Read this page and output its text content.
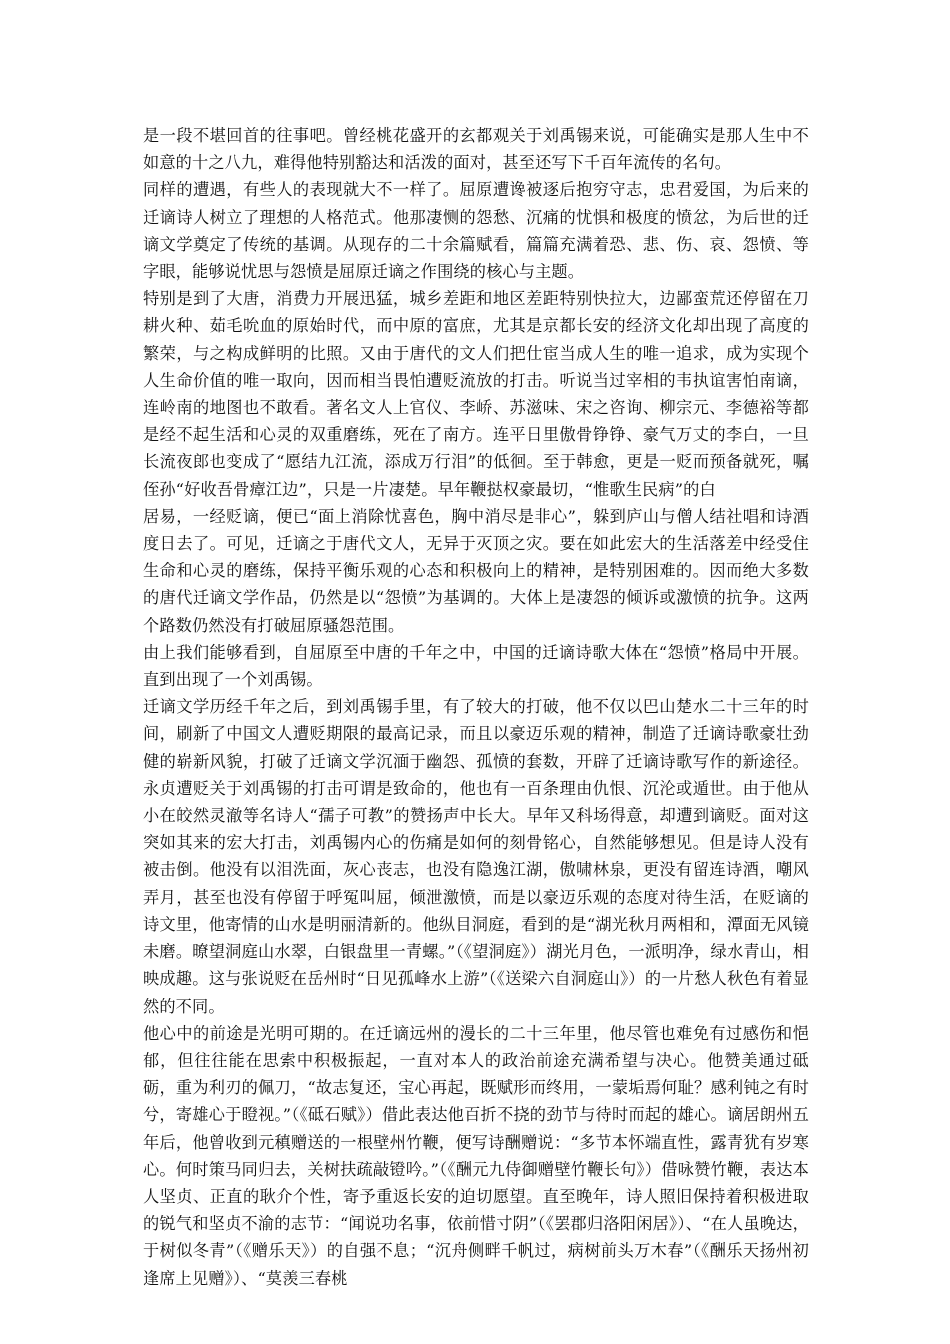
是一段不堪回首的往事吧。曾经桃花盛开的玄都观关于刘禹锡来说，可能确实是那人生中不如意的十之八九，难得他特别豁达和活泼的面对，甚至还写下千百年流传的名句。

同样的遭遇，有些人的表现就大不一样了。屈原遭谗被逐后抱穷守志，忠君爱国，为后来的迁谪诗人树立了理想的人格范式。他那凄恻的怨愁、沉痛的忧惧和极度的愤忿，为后世的迁谪文学奠定了传统的基调。从现存的二十余篇赋看，篇篇充满着恐、悲、伤、哀、怨愤、等字眼，能够说忧思与怨愤是屈原迁谪之作围绕的核心与主题。

特别是到了大唐，消费力开展迅猛，城乡差距和地区差距特别快拉大，边鄙蛮荒还停留在刀耕火种、茹毛吮血的原始时代，而中原的富庶，尤其是京都长安的经济文化却出现了高度的繁荣，与之构成鲜明的比照。又由于唐代的文人们把仕宦当成人生的唯一追求，成为实现个人生命价值的唯一取向，因而相当畏怕遭贬流放的打击。听说当过宰相的韦执谊害怕南谪，连岭南的地图也不敢看。著名文人上官仪、李峤、苏滋味、宋之咨询、柳宗元、李德裕等都是经不起生活和心灵的双重磨练，死在了南方。连平日里傲骨铮铮、豪气万丈的李白，一旦长流夜郎也变成了“愿结九江流，添成万行泪”的低徊。至于韩愈，更是一贬而预备就死，嘱侄孙“好收吾骨瘴江边”，只是一片凄楚。早年鞭挞权豪最切，“惟歌生民病”的白

居易，一经贬谪，便已“面上消除忧喜色，胸中消尽是非心”，躲到庐山与僧人结社唱和诗酒度日去了。可见，迁谪之于唐代文人，无异于灭顶之灾。要在如此宏大的生活落差中经受住生命和心灵的磨练，保持平衡乐观的心态和积极向上的精神，是特别困难的。因而绝大多数的唐代迁谪文学作品，仍然是以“怨愤”为基调的。大体上是凄怨的倾诉或激愤的抗争。这两个路数仍然没有打破屈原骚怨范围。

由上我们能够看到，自屈原至中唐的千年之中，中国的迁谪诗歌大体在“怨愤”格局中开展。直到出现了一个刘禹锡。

迁谪文学历经千年之后，到刘禹锡手里，有了较大的打破，他不仅以巴山楚水二十三年的时间，刷新了中国文人遭贬期限的最高记录，而且以豪迈乐观的精神，制造了迁谪诗歌豪壮劲健的崭新风貌，打破了迁谪文学沉湎于幽怨、孤愤的套数，开辟了迁谪诗歌写作的新途径。永贞遭贬关于刘禹锡的打击可谓是致命的，他也有一百条理由仇恨、沉沦或遁世。由于他从小在皎然灵澈等名诗人“孺子可教”的赞扬声中长大。早年又科场得意，却遭到谪贬。面对这突如其来的宏大打击，刘禹锡内心的伤痛是如何的刻骨铭心，自然能够想见。但是诗人没有被击倒。他没有以泪洗面，灰心丧志，也没有隐逸江湖，傲啸林泉，更没有留连诗酒，嘲风弄月，甚至也没有停留于呼冤叫屈，倾泄激愤，而是以豪迈乐观的态度对待生活，在贬谪的诗文里，他寄情的山水是明丽清新的。他纵目洞庭，看到的是“湖光秋月两相和，潭面无风镜未磨。暸望洞庭山水翠，白银盘里一青螺。”（《望洞庭》）湖光月色，一派明净，绿水青山，相映成趣。这与张说贬在岳州时“日见孤峰水上游”（《送梁六自洞庭山》）的一片愁人秋色有着显然的不同。

他心中的前途是光明可期的。在迁谪远州的漫长的二十三年里，他尽管也难免有过感伤和悒郁，但往往能在思索中积极振起，一直对本人的政治前途充满希望与决心。他赞美通过砥砺，重为利刃的佩刀，“故志复还，宝心再起，既赋形而终用，一蒙垢焉何耻？感利钝之有时兮，寄雄心于瞪视。”（《砥石赋》）借此表达他百折不挠的劲节与待时而起的雄心。谪居朗州五年后，他曾收到元稹赠送的一根壁州竹鞭，便写诗酬赠说：“多节本怀端直性，露青犹有岁寒心。何时策马同归去，关树扶疏敲镫吟。”（《酬元九侍御赠壁竹鞭长句》）借咏赞竹鞭，表达本人坚贞、正直的耿介个性，寄予重返长安的迫切愿望。直至晚年，诗人照旧保持着积极进取的锐气和坚贞不渝的志节：“闻说功名事，依前惜寸阴”（《罢郡归洛阳闲居》）、“在人虽晚达，于树似冬青”（《赠乐天》）的自强不息；“沉舟侧畔千帆过，病树前头万木春”（《酬乐天扬州初逢席上见赠》）、“莫羡三春桃
